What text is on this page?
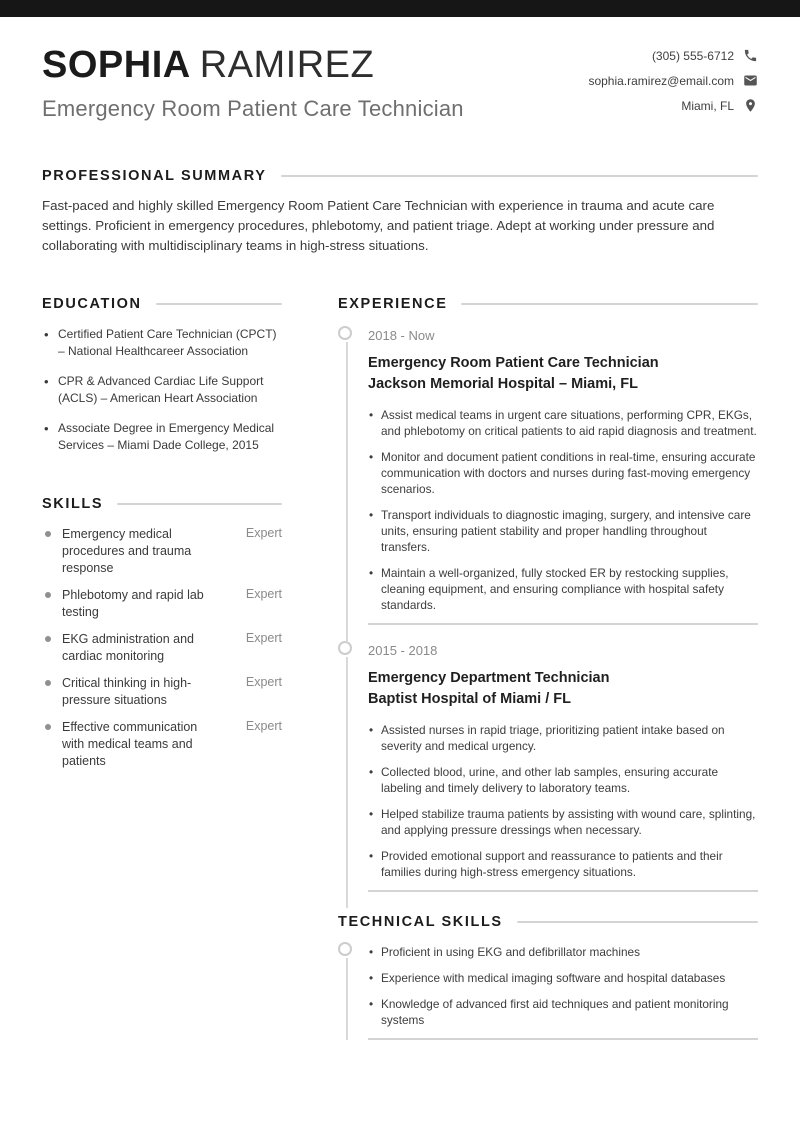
SOPHIA RAMIREZ
Emergency Room Patient Care Technician
(305) 555-6712
sophia.ramirez@email.com
Miami, FL
PROFESSIONAL SUMMARY

Fast-paced and highly skilled Emergency Room Patient Care Technician with experience in trauma and acute care settings. Proficient in emergency procedures, phlebotomy, and patient triage. Adept at working under pressure and collaborating with multidisciplinary teams in high-stress situations.

EDUCATION
• Certified Patient Care Technician (CPCT) – National Healthcareer Association
• CPR & Advanced Cardiac Life Support (ACLS) – American Heart Association
• Associate Degree in Emergency Medical Services – Miami Dade College, 2015
SKILLS
Emergency medical procedures and trauma response
Expert
Phlebotomy and rapid lab testing
Expert
EKG administration and cardiac monitoring
Expert
Critical thinking in high-pressure situations
Expert
Effective communication with medical teams and patients
Expert
EXPERIENCE
2018 - Now
Emergency Room Patient Care Technician
Jackson Memorial Hospital – Miami, FL
• Assist medical teams in urgent care situations, performing CPR, EKGs, and phlebotomy on critical patients to aid rapid diagnosis and treatment.
• Monitor and document patient conditions in real-time, ensuring accurate communication with doctors and nurses during fast-moving emergency scenarios.
• Transport individuals to diagnostic imaging, surgery, and intensive care units, ensuring patient stability and proper handling throughout transfers.
• Maintain a well-organized, fully stocked ER by restocking supplies, cleaning equipment, and ensuring compliance with hospital safety standards.
2015 - 2018
Emergency Department Technician
Baptist Hospital of Miami / FL
• Assisted nurses in rapid triage, prioritizing patient intake based on severity and medical urgency.
• Collected blood, urine, and other lab samples, ensuring accurate labeling and timely delivery to laboratory teams.
• Helped stabilize trauma patients by assisting with wound care, splinting, and applying pressure dressings when necessary.
• Provided emotional support and reassurance to patients and their families during high-stress emergency situations.
TECHNICAL SKILLS
• Proficient in using EKG and defibrillator machines
• Experience with medical imaging software and hospital databases
• Knowledge of advanced first aid techniques and patient monitoring systems
